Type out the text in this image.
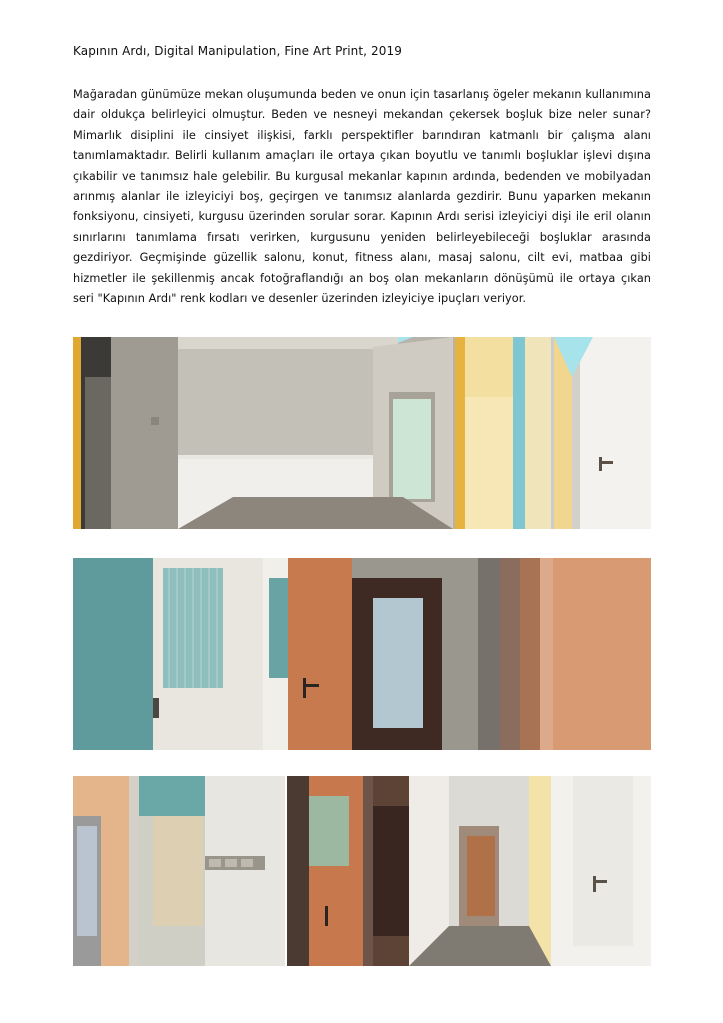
Kapının Ardı, Digital Manipulation, Fine Art Print, 2019
Mağaradan günümüze mekan oluşumunda beden ve onun için tasarlanış ögeler mekanın kullanımına dair oldukça belirleyici olmuştur. Beden ve nesneyi mekandan çekersek boşluk bize neler sunar? Mimarlık disiplini ile cinsiyet ilişkisi, farklı perspektifler barındıran katmanlı bir çalışma alanı tanımlamaktadır. Belirli kullanım amaçları ile ortaya çıkan boyutlu ve tanımlı boşluklar işlevi dışına çıkabilir ve tanımsız hale gelebilir. Bu kurgusal mekanlar kapının ardında, bedenden ve mobilyadan arınmış alanlar ile izleyiciyi boş, geçirgen ve tanımsız alanlarda gezdirir. Bunu yaparken mekanın fonksiyonu, cinsiyeti, kurgusu üzerinden sorular sorar. Kapının Ardı serisi izleyiciyi dişi ile eril olanın sınırlarını tanımlama fırsatı verirken, kurgusunu yeniden belirleyebileceği boşluklar arasında gezdiriyor. Geçmişinde güzellik salonu, konut, fitness alanı, masaj salonu, cilt evi, matbaa gibi hizmetler ile şekillenmiş ancak fotoğraflandığı an boş olan mekanların dönüşümü ile ortaya çıkan seri "Kapının Ardı" renk kodları ve desenler üzerinden izleyiciye ipuçları veriyor.
